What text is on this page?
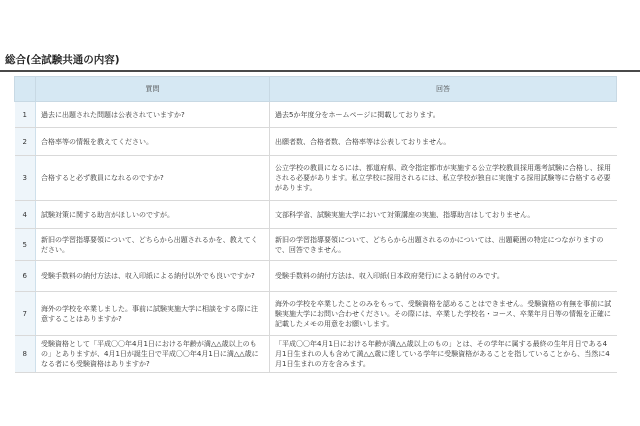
総合(全試験共通の内容)
	質問	回答
1	過去に出題された問題は公表されていますか?	過去5か年度分をホームページに掲載しております。
2	合格率等の情報を教えてください。	出願者数、合格者数、合格率等は公表しておりません。
3	合格すると必ず教員になれるのですか?	公立学校の教員になるには、都道府県、政令指定都市が実施する公立学校教員採用選考試験に合格し、採用される必要があります。私立学校に採用されるには、私立学校が独自に実施する採用試験等に合格する必要があります。
4	試験対策に関する助言がほしいのですが。	文部科学省、試験実施大学において対策講座の実施、指導助言はしておりません。
5	新旧の学習指導要領について、どちらから出題されるかを、教えてください。	新旧の学習指導要領について、どちらから出題されるのかについては、出題範囲の特定につながりますので、回答できません。
6	受験手数料の納付方法は、収入印紙による納付以外でも良いですか?	受験手数料の納付方法は、収入印紙(日本政府発行)による納付のみです。
7	海外の学校を卒業しました。事前に試験実施大学に相談をする際に注意することはありますか?	海外の学校を卒業したことのみをもって、受験資格を認めることはできません。受験資格の有無を事前に試験実施大学にお問い合わせください。その際には、卒業した学校名・コース、卒業年月日等の情報を正確に記載したメモの用意をお願いします。
8	受験資格として「平成〇〇年4月1日における年齢が満△△歳以上のもの」とありますが、4月1日が誕生日で平成〇〇年4月1日に満△△歳になる者にも受験資格はありますか?	「平成〇〇年4月1日における年齢が満△△歳以上のもの」とは、その学年に属する最終の生年月日である4月1日生まれの人も含めて満△△歳に達している学年に受験資格があることを指していることから、当然に4月1日生まれの方を含みます。
